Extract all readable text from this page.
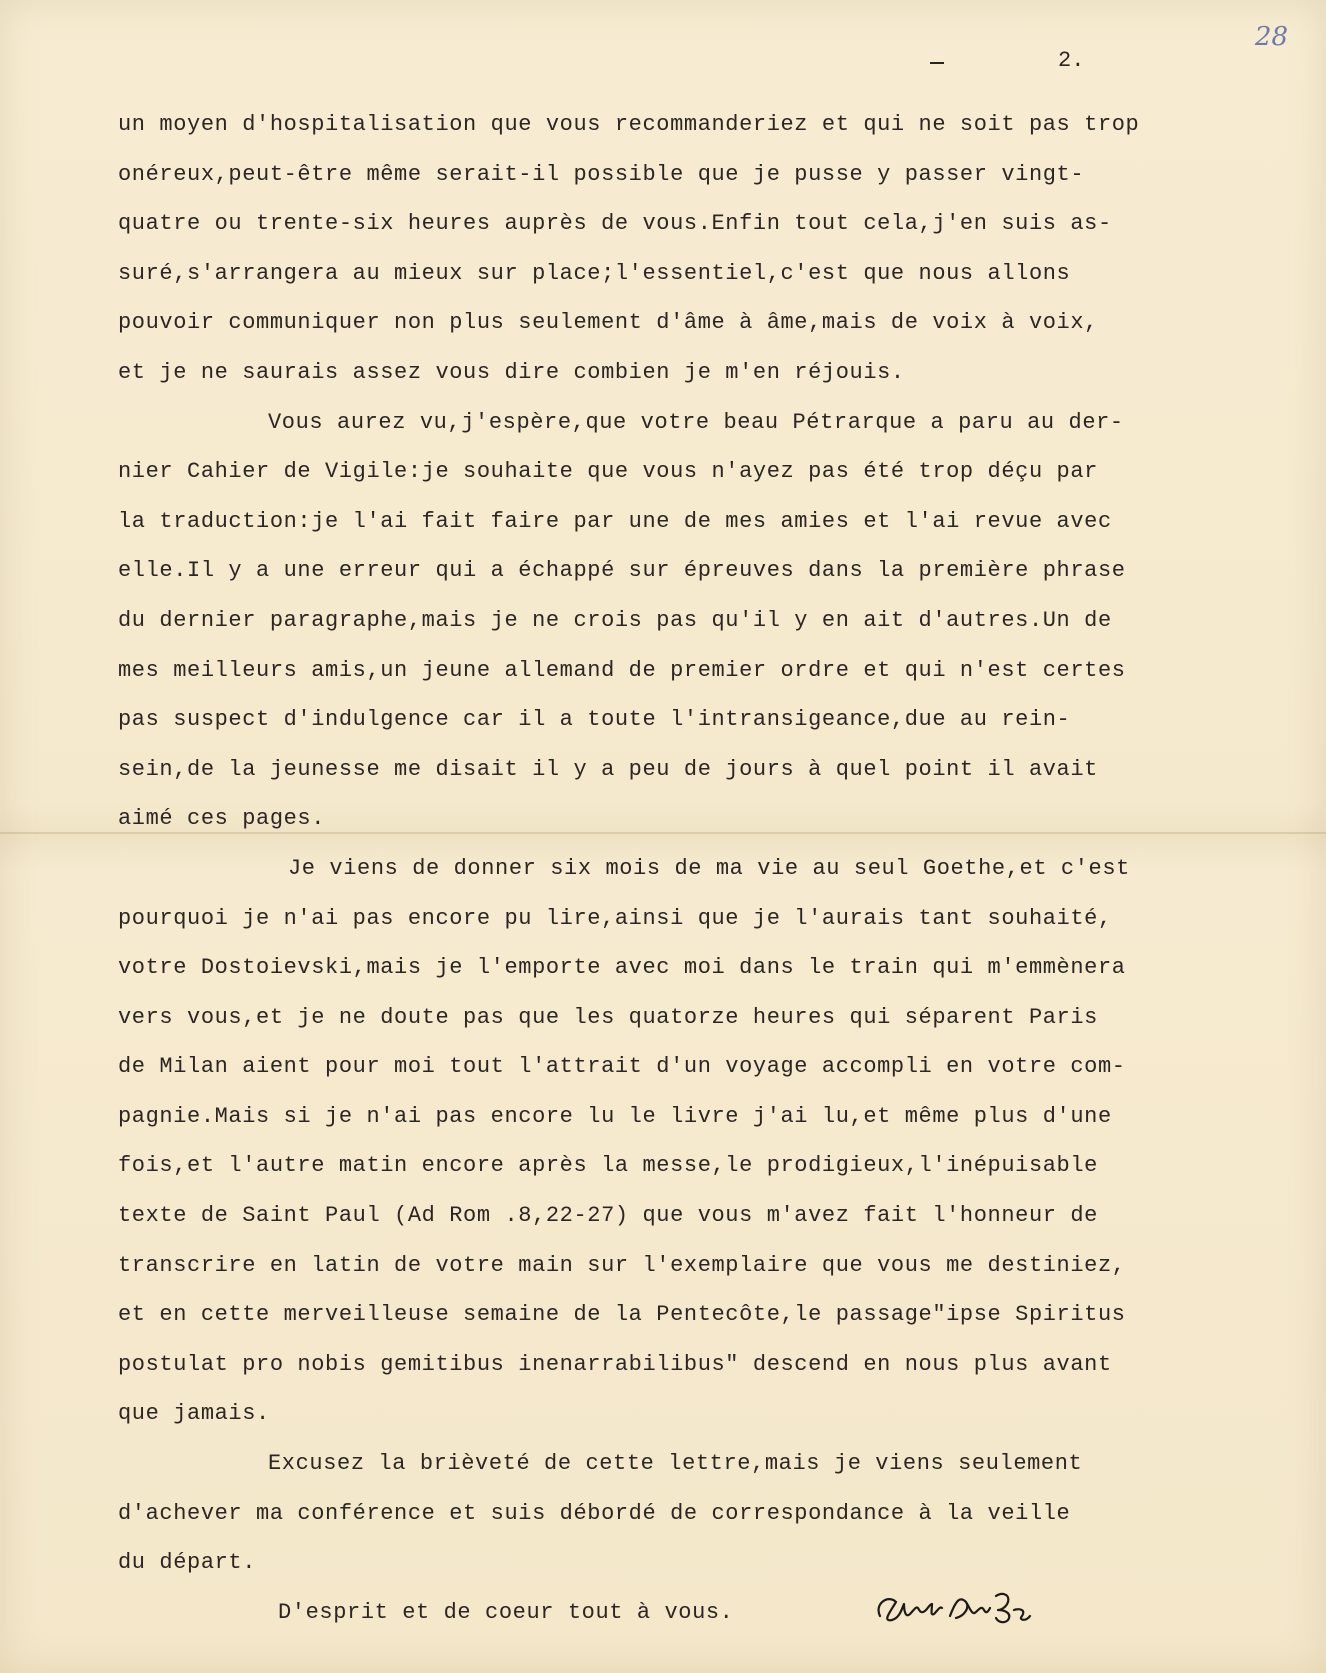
28
2.
un moyen d'hospitalisation que vous recommanderiez et qui ne soit pas trop
onéreux,peut-être même serait-il possible que je pusse y passer vingt-
quatre ou trente-six heures auprès de vous.Enfin tout cela,j'en suis as-
suré,s'arrangera au mieux sur place;l'essentiel,c'est que nous allons
pouvoir communiquer non plus seulement d'âme à âme,mais de voix à voix,
et je ne saurais assez vous dire combien je m'en réjouis.
Vous aurez vu,j'espère,que votre beau Pétrarque a paru au der-
nier Cahier de Vigile:je souhaite que vous n'ayez pas été trop déçu par
la traduction:je l'ai fait faire par une de mes amies et l'ai revue avec
elle.Il y a une erreur qui a échappé sur épreuves dans la première phrase
du dernier paragraphe,mais je ne crois pas qu'il y en ait d'autres.Un de
mes meilleurs amis,un jeune allemand de premier ordre et qui n'est certes
pas suspect d'indulgence car il a toute l'intransigeance,due au rein-
sein,de la jeunesse me disait il y a peu de jours à quel point il avait
aimé ces pages.
Je viens de donner six mois de ma vie au seul Goethe,et c'est
pourquoi je n'ai pas encore pu lire,ainsi que je l'aurais tant souhaité,
votre Dostoievski,mais je l'emporte avec moi dans le train qui m'emmènera
vers vous,et je ne doute pas que les quatorze heures qui séparent Paris
de Milan aient pour moi tout l'attrait d'un voyage accompli en votre com-
pagnie.Mais si je n'ai pas encore lu le livre j'ai lu,et même plus d'une
fois,et l'autre matin encore après la messe,le prodigieux,l'inépuisable
texte de Saint Paul (Ad Rom .8,22-27) que vous m'avez fait l'honneur de
transcrire en latin de votre main sur l'exemplaire que vous me destiniez,
et en cette merveilleuse semaine de la Pentecôte,le passage"ipse Spiritus
postulat pro nobis gemitibus inenarrabilibus" descend en nous plus avant
que jamais.
Excusez la brièveté de cette lettre,mais je viens seulement
d'achever ma conférence et suis débordé de correspondance à la veille
du départ.
D'esprit et de coeur tout à vous.
